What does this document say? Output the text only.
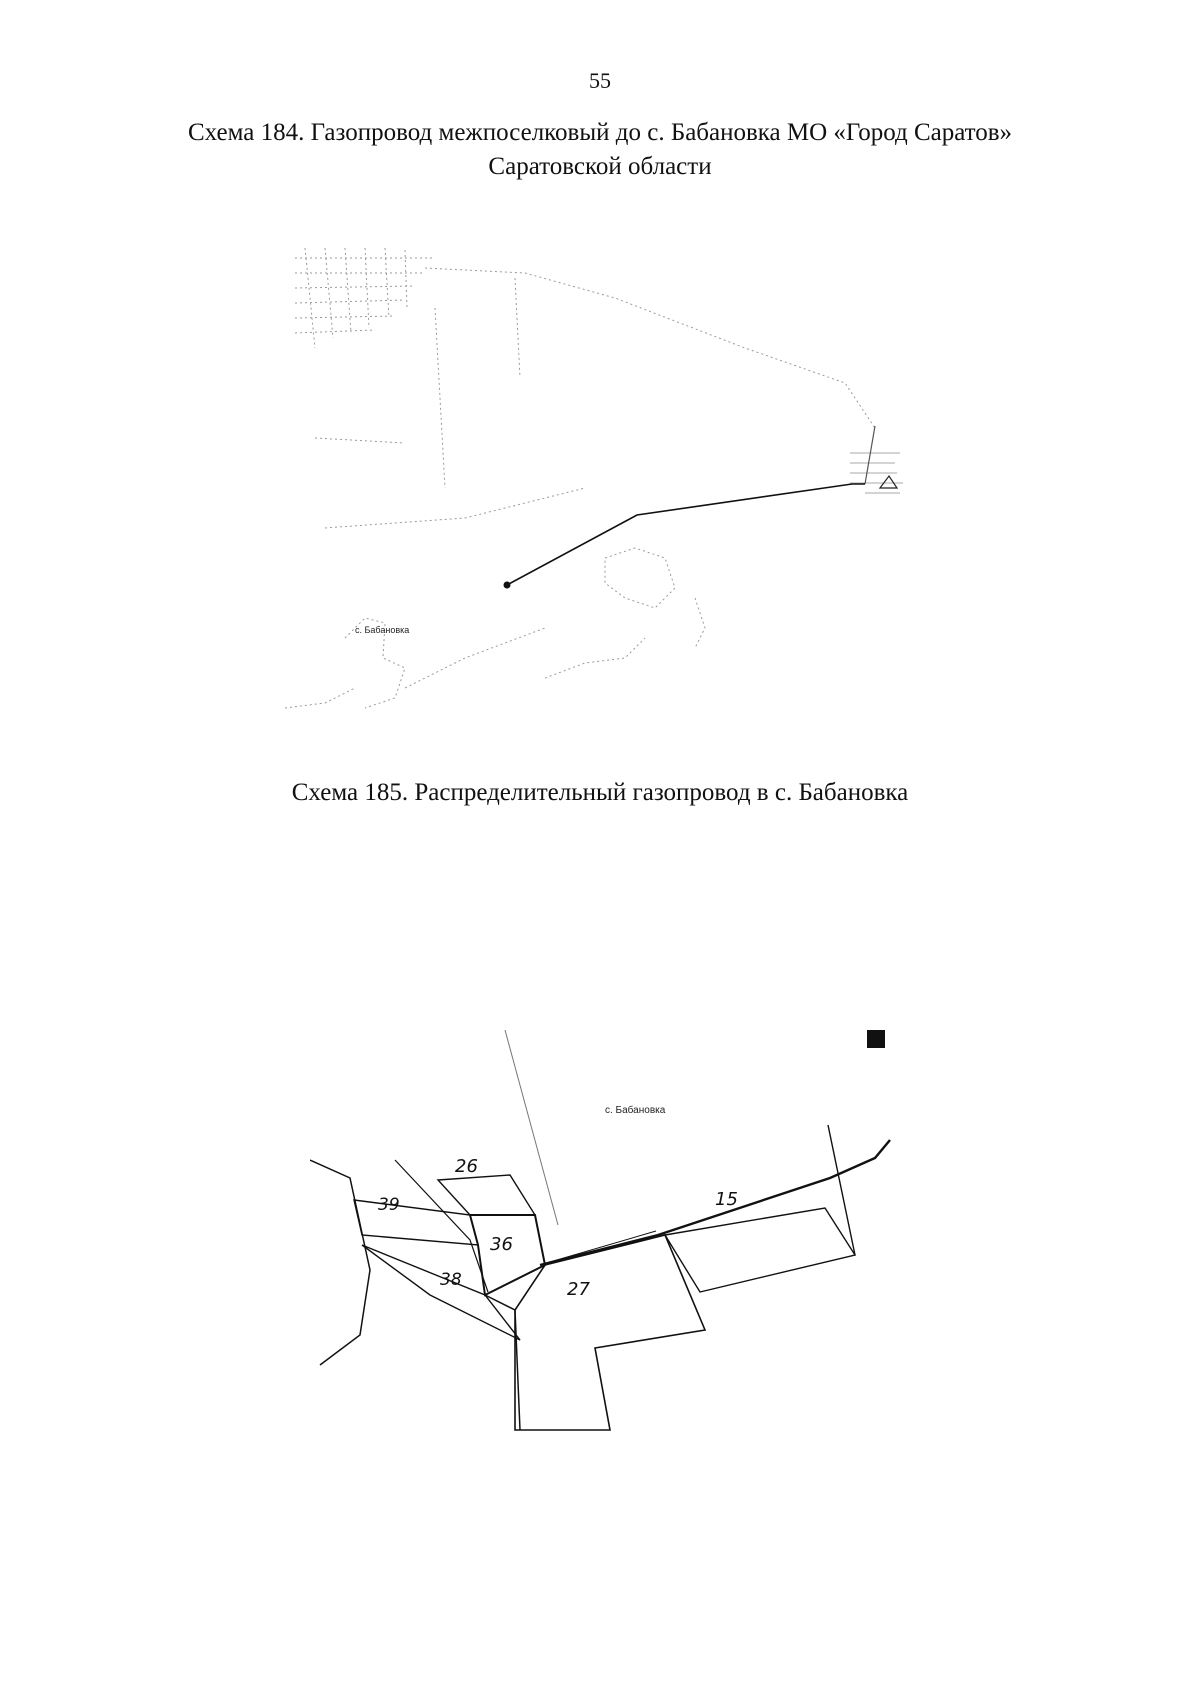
55
Схема 184. Газопровод межпоселковый до с. Бабановка МО «Город Саратов»
Саратовской области
с. Бабановка
Схема 185. Распределительный газопровод в с. Бабановка
с. Бабановка
26
39
36
38	27
15
